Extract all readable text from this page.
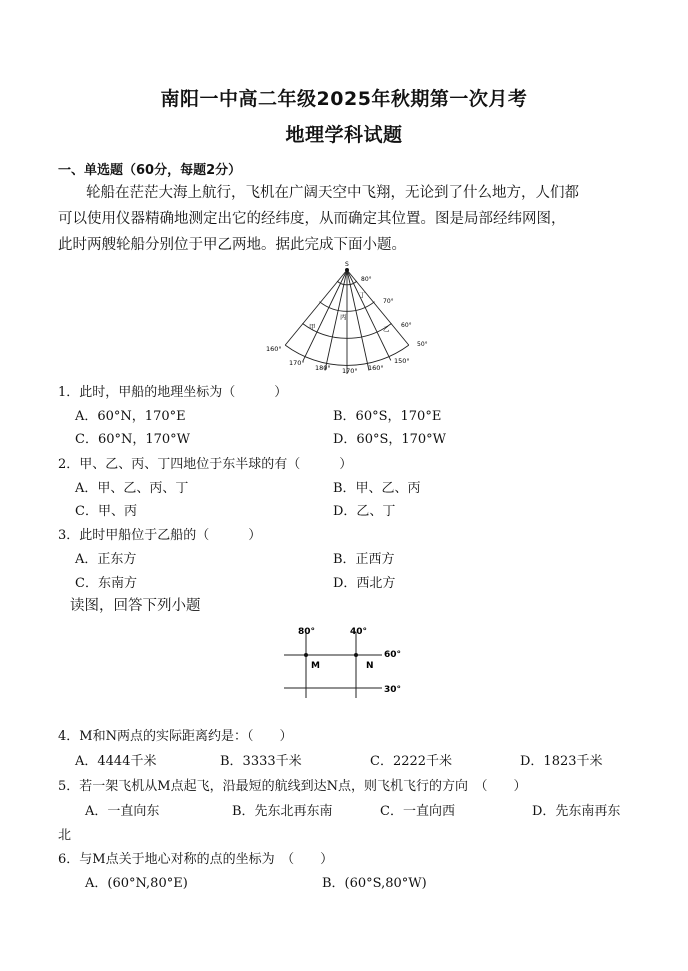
南阳一中高二年级2025年秋期第一次月考
地理学科试题
一、单选题（60分，每题2分）
轮船在茫茫大海上航行，飞机在广阔天空中飞翔，无论到了什么地方，人们都
可以使用仪器精确地测定出它的经纬度，从而确定其位置。图是局部经纬网图，
此时两艘轮船分别位于甲乙两地。据此完成下面小题。
S
80°
70°
60°
50°
160°
170°
180° 170° 160°
150°
甲
丙
乙
丁
1．此时，甲船的地理坐标为（　　　）
A．60°N，170°E	B．60°S，170°E
C．60°N，170°W	D．60°S，170°W
2．甲、乙、丙、丁四地位于东半球的有（　　　）
A．甲、乙、丙、丁	B．甲、乙、丙
C．甲、丙	D．乙、丁
3．此时甲船位于乙船的（　　　）
A．正东方	B．正西方
C．东南方	D．西北方
读图，回答下列小题
80°	40°
60°
30°
M	N
4．M和N两点的实际距离约是：（　　）
A．4444千米	B．3333千米	C．2222千米	D．1823千米
5．若一架飞机从M点起飞，沿最短的航线到达N点，则飞机飞行的方向　（　　）
A．一直向东	B．先东北再东南	C．一直向西	D．先东南再东
北
6．与M点关于地心对称的点的坐标为　（　　）
A．(60°N,80°E)	B．(60°S,80°W)
